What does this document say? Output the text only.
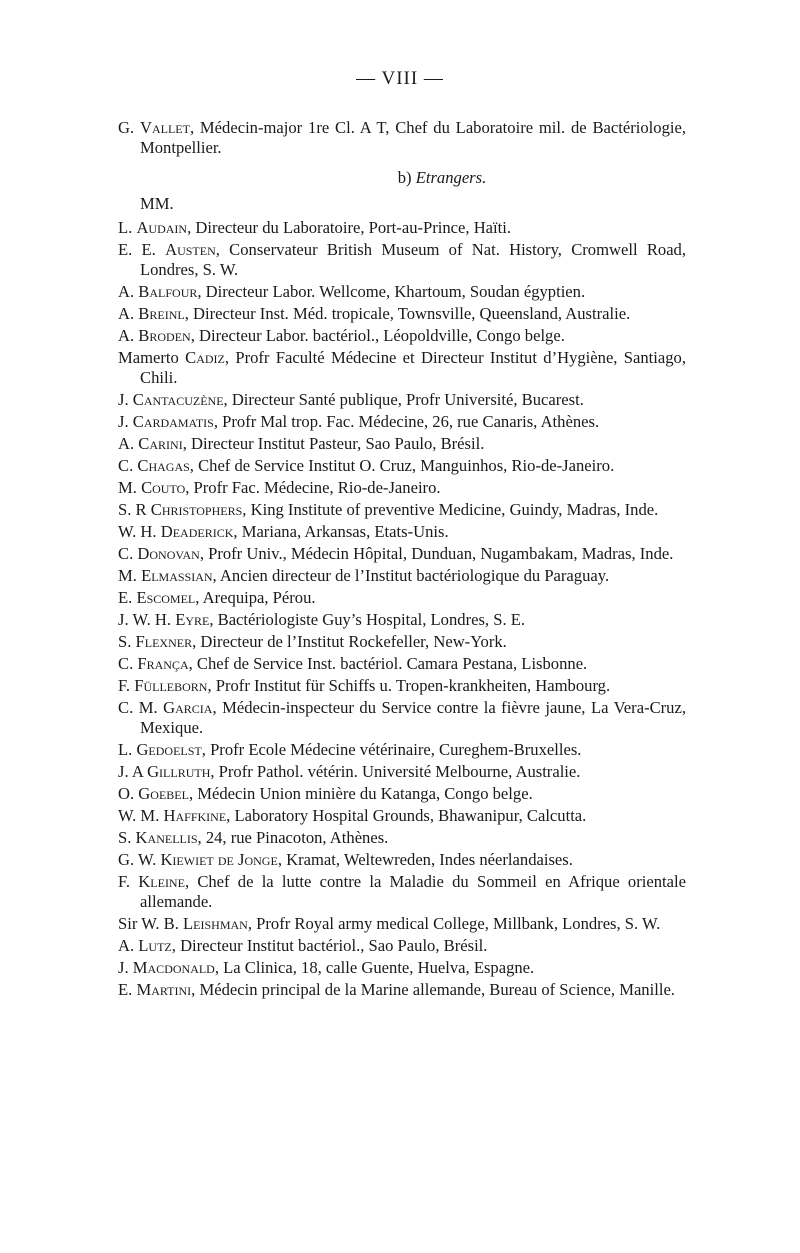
— VIII —

G. Vallet, Médecin-major 1re Cl. A T, Chef du Laboratoire mil. de Bactériologie, Montpellier.

b) Etrangers.

MM.

L. Audain, Directeur du Laboratoire, Port-au-Prince, Haïti.

E. E. Austen, Conservateur British Museum of Nat. History, Cromwell Road, Londres, S. W.

A. Balfour, Directeur Labor. Wellcome, Khartoum, Soudan égyptien.

A. Breinl, Directeur Inst. Méd. tropicale, Townsville, Queensland, Australie.

A. Broden, Directeur Labor. bactériol., Léopoldville, Congo belge.

Mamerto Cadiz, Profr Faculté Médecine et Directeur Institut d’Hygiène, Santiago, Chili.

J. Cantacuzène, Directeur Santé publique, Profr Université, Bucarest.

J. Cardamatis, Profr Mal trop. Fac. Médecine, 26, rue Canaris, Athènes.

A. Carini, Directeur Institut Pasteur, Sao Paulo, Brésil.

C. Chagas, Chef de Service Institut O. Cruz, Manguinhos, Rio-de-Janeiro.

M. Couto, Profr Fac. Médecine, Rio-de-Janeiro.

S. R Christophers, King Institute of preventive Medicine, Guindy, Madras, Inde.

W. H. Deaderick, Mariana, Arkansas, Etats-Unis.

C. Donovan, Profr Univ., Médecin Hôpital, Dunduan, Nugambakam, Madras, Inde.

M. Elmassian, Ancien directeur de l’Institut bactériologique du Paraguay.

E. Escomel, Arequipa, Pérou.

J. W. H. Eyre, Bactériologiste Guy’s Hospital, Londres, S. E.

S. Flexner, Directeur de l’Institut Rockefeller, New-York.

C. França, Chef de Service Inst. bactériol. Camara Pestana, Lisbonne.

F. Fülleborn, Profr Institut für Schiffs u. Tropen-krankheiten, Hambourg.

C. M. Garcia, Médecin-inspecteur du Service contre la fièvre jaune, La Vera-Cruz, Mexique.

L. Gedoelst, Profr Ecole Médecine vétérinaire, Cureghem-Bruxelles.

J. A Gillruth, Profr Pathol. vétérin. Université Melbourne, Australie.

O. Goebel, Médecin Union minière du Katanga, Congo belge.

W. M. Haffkine, Laboratory Hospital Grounds, Bhawanipur, Calcutta.

S. Kanellis, 24, rue Pinacoton, Athènes.

G. W. Kiewiet de Jonge, Kramat, Weltewreden, Indes néerlandaises.

F. Kleine, Chef de la lutte contre la Maladie du Sommeil en Afrique orientale allemande.

Sir W. B. Leishman, Profr Royal army medical College, Millbank, Londres, S. W.

A. Lutz, Directeur Institut bactériol., Sao Paulo, Brésil.

J. Macdonald, La Clinica, 18, calle Guente, Huelva, Espagne.

E. Martini, Médecin principal de la Marine allemande, Bureau of Science, Manille.
